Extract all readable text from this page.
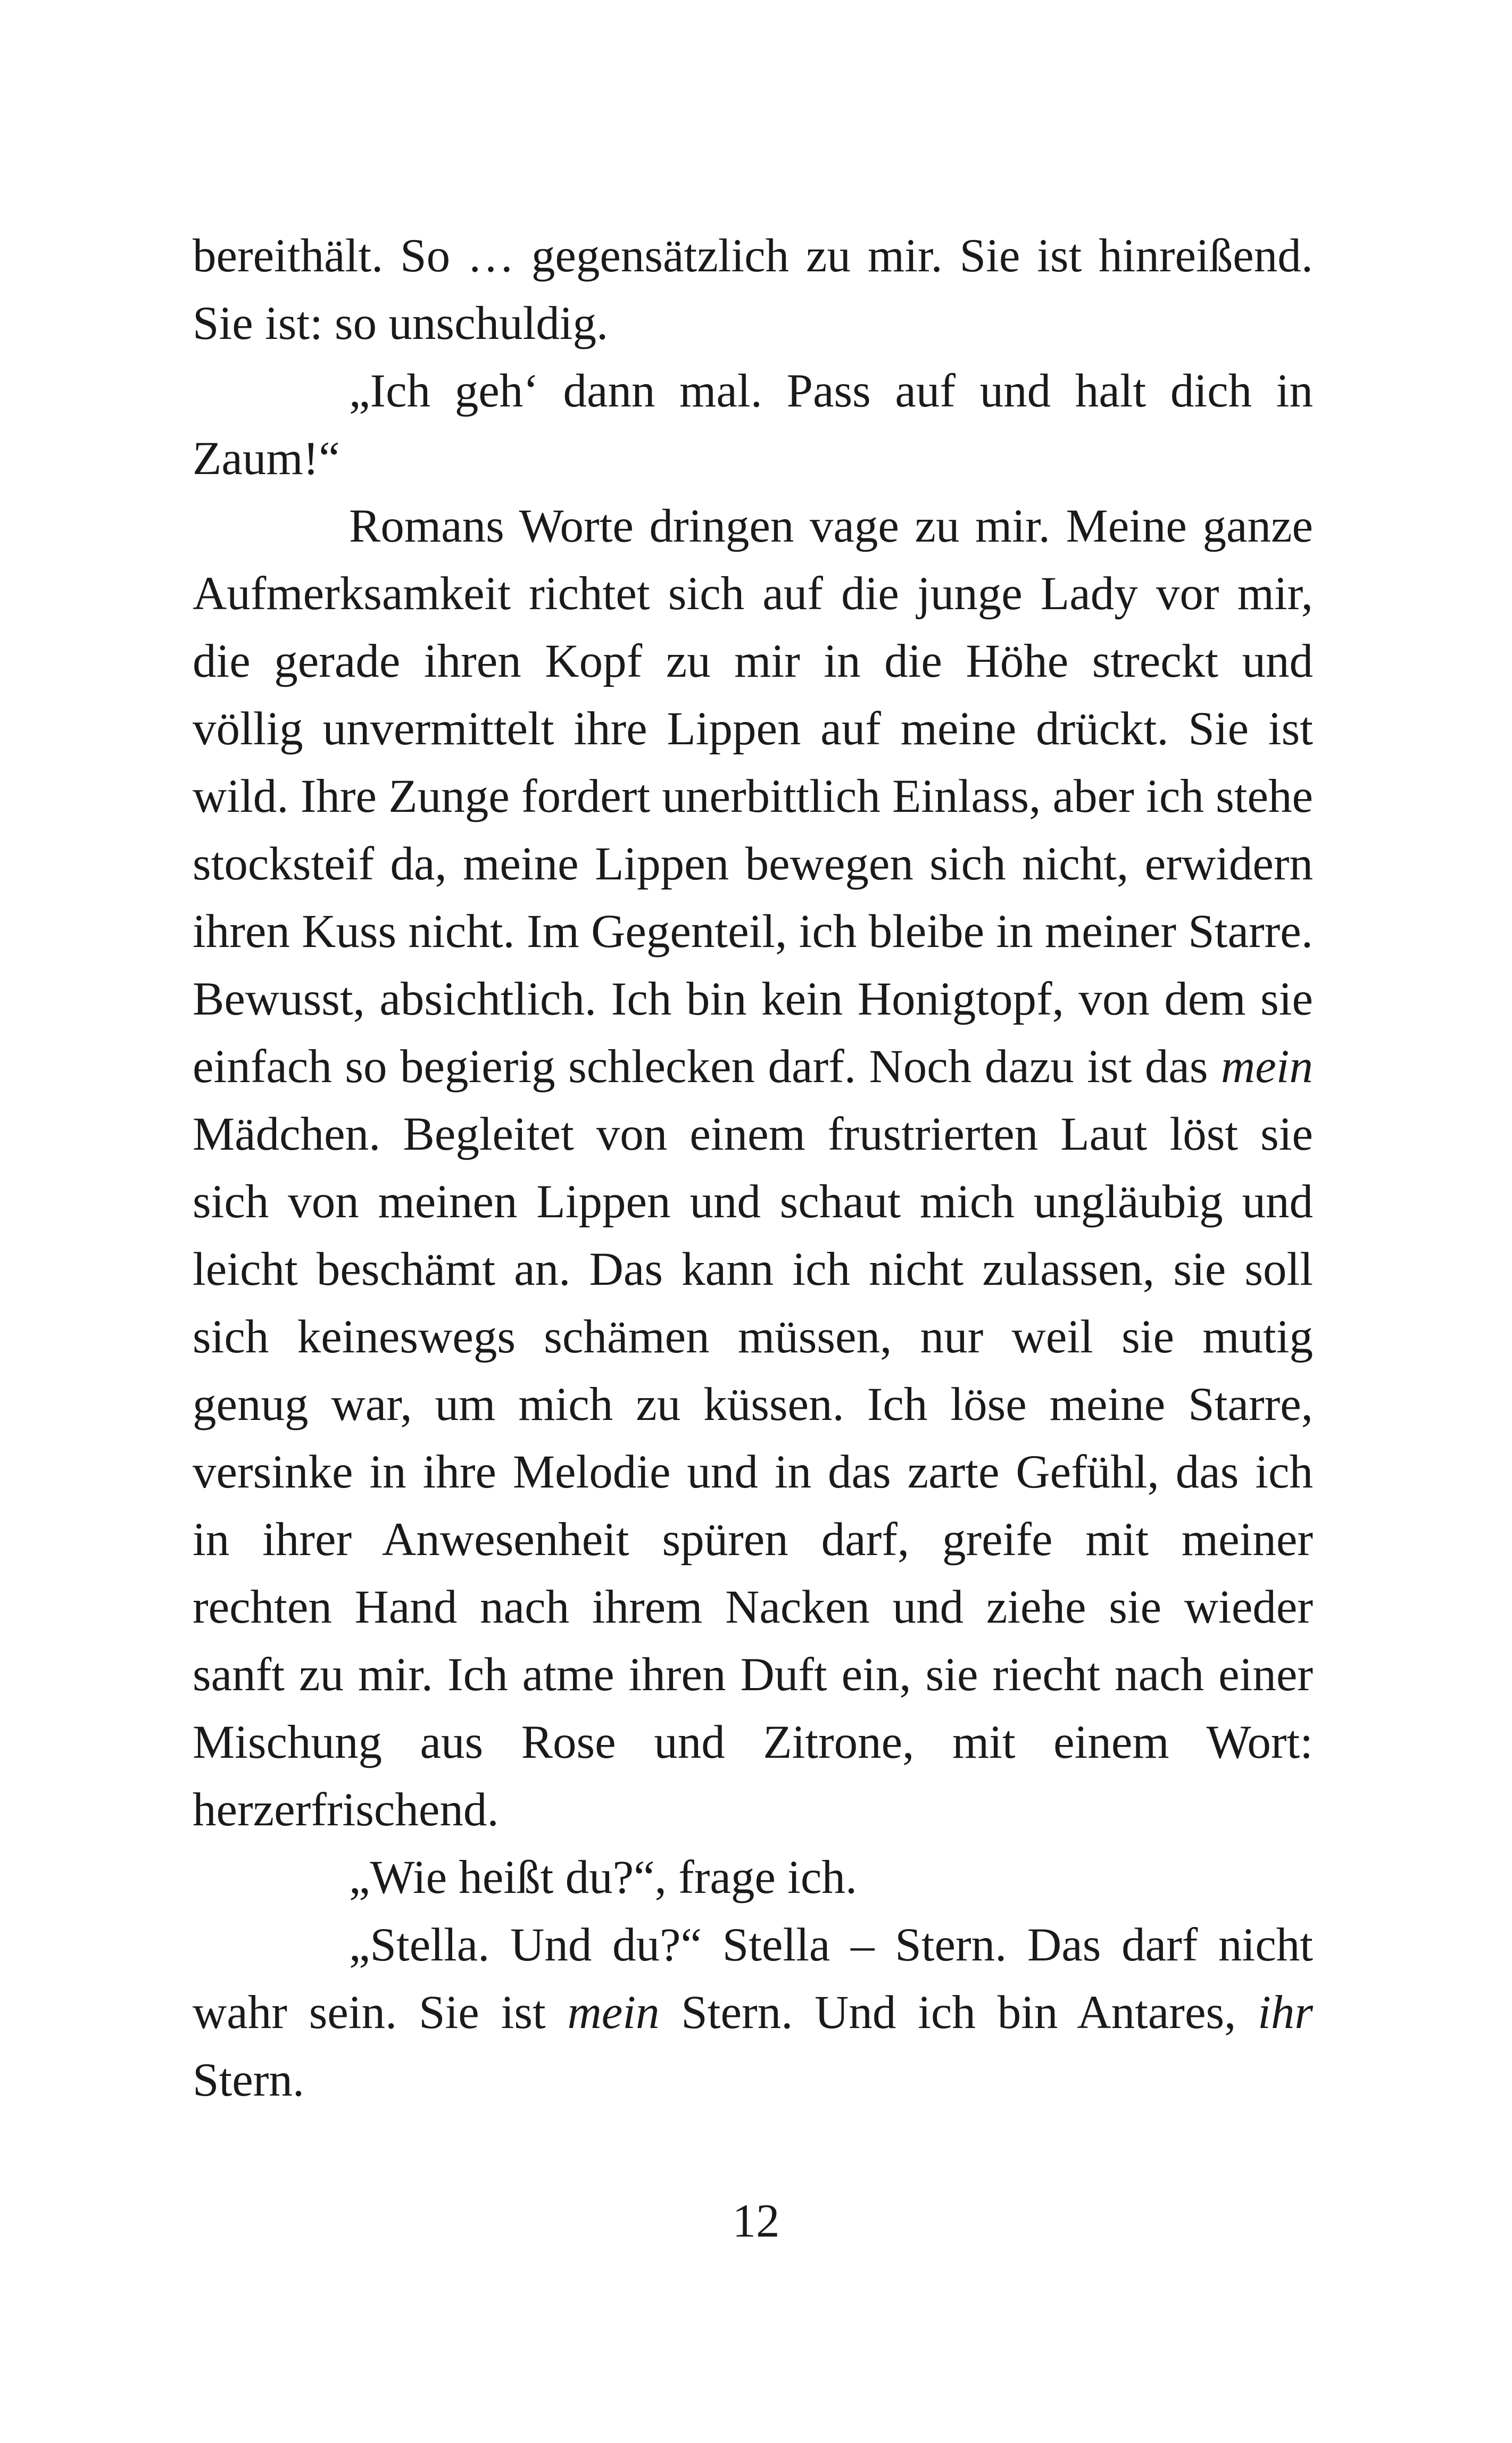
bereithält. So … gegensätzlich zu mir. Sie ist hinreißend. Sie ist: so unschuldig.

„Ich geh‘ dann mal. Pass auf und halt dich in Zaum!“

Romans Worte dringen vage zu mir. Meine ganze Aufmerksamkeit richtet sich auf die junge Lady vor mir, die gerade ihren Kopf zu mir in die Höhe streckt und völlig unvermittelt ihre Lippen auf meine drückt. Sie ist wild. Ihre Zunge fordert unerbittlich Einlass, aber ich stehe stocksteif da, meine Lippen bewegen sich nicht, erwidern ihren Kuss nicht. Im Gegenteil, ich bleibe in meiner Starre. Bewusst, absichtlich. Ich bin kein Honigtopf, von dem sie einfach so begierig schlecken darf. Noch dazu ist das mein Mädchen. Begleitet von einem frustrierten Laut löst sie sich von meinen Lippen und schaut mich ungläubig und leicht beschämt an. Das kann ich nicht zulassen, sie soll sich keineswegs schämen müssen, nur weil sie mutig genug war, um mich zu küssen. Ich löse meine Starre, versinke in ihre Melodie und in das zarte Gefühl, das ich in ihrer Anwesenheit spüren darf, greife mit meiner rechten Hand nach ihrem Nacken und ziehe sie wieder sanft zu mir. Ich atme ihren Duft ein, sie riecht nach einer Mischung aus Rose und Zitrone, mit einem Wort: herzerfrischend.

„Wie heißt du?“, frage ich.

„Stella. Und du?“ Stella – Stern. Das darf nicht wahr sein. Sie ist mein Stern. Und ich bin Antares, ihr Stern.

12
